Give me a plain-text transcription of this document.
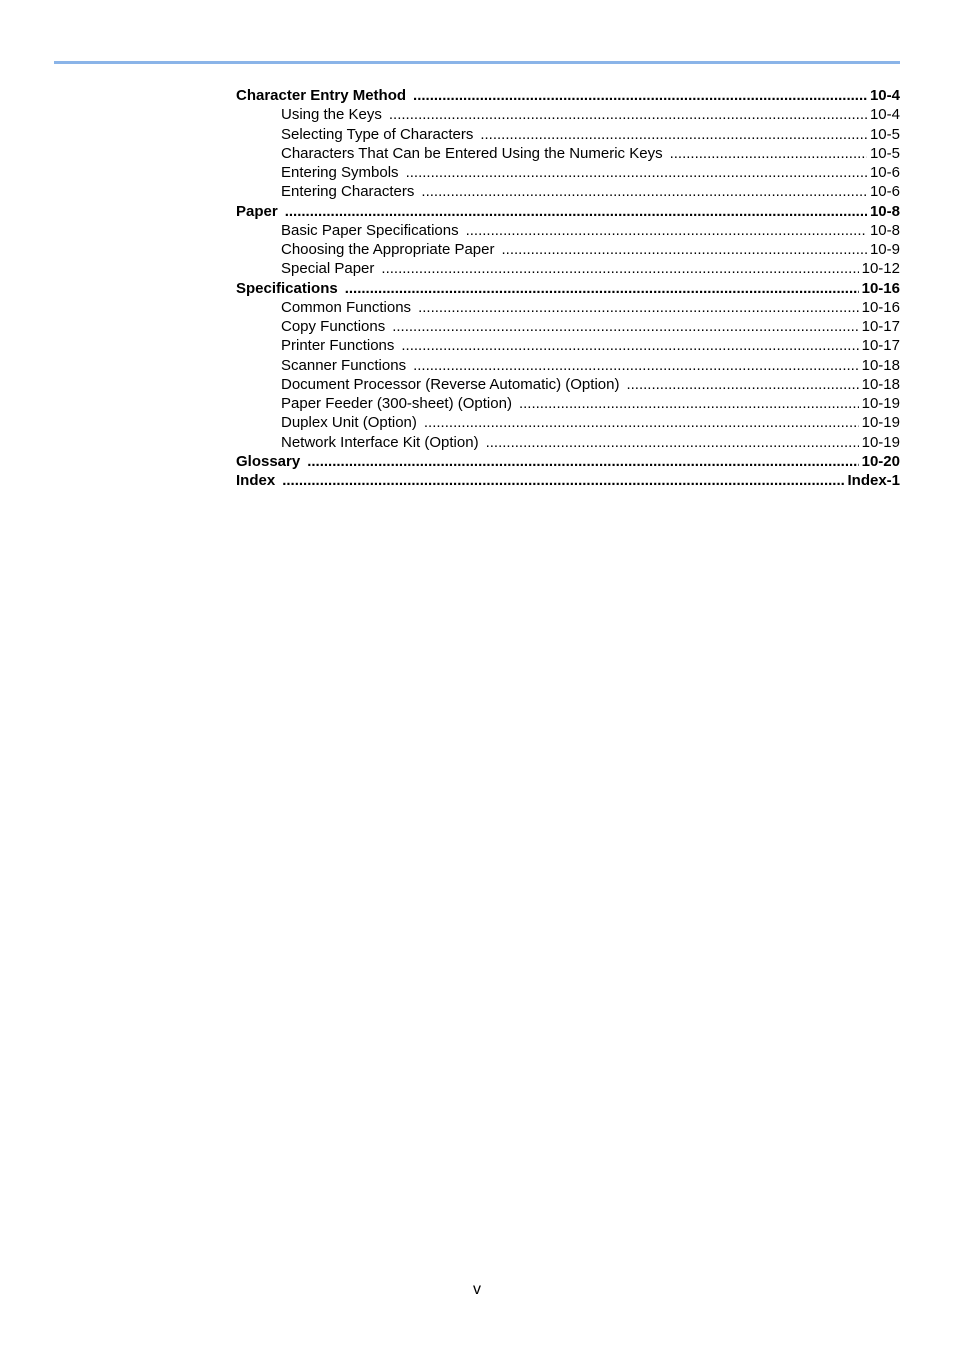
Character Entry Method .....	10-4
Using the Keys .....	10-4
Selecting Type of Characters .....	10-5
Characters That Can be Entered Using the Numeric Keys .....	10-5
Entering Symbols .....	10-6
Entering Characters .....	10-6
Paper .....	10-8
Basic Paper Specifications .....	10-8
Choosing the Appropriate Paper .....	10-9
Special Paper .....	10-12
Specifications .....	10-16
Common Functions .....	10-16
Copy Functions .....	10-17
Printer Functions .....	10-17
Scanner Functions .....	10-18
Document Processor (Reverse Automatic) (Option) .....	10-18
Paper Feeder (300-sheet) (Option) .....	10-19
Duplex Unit (Option) .....	10-19
Network Interface Kit (Option) .....	10-19
Glossary .....	10-20
Index .....	Index-1
v
